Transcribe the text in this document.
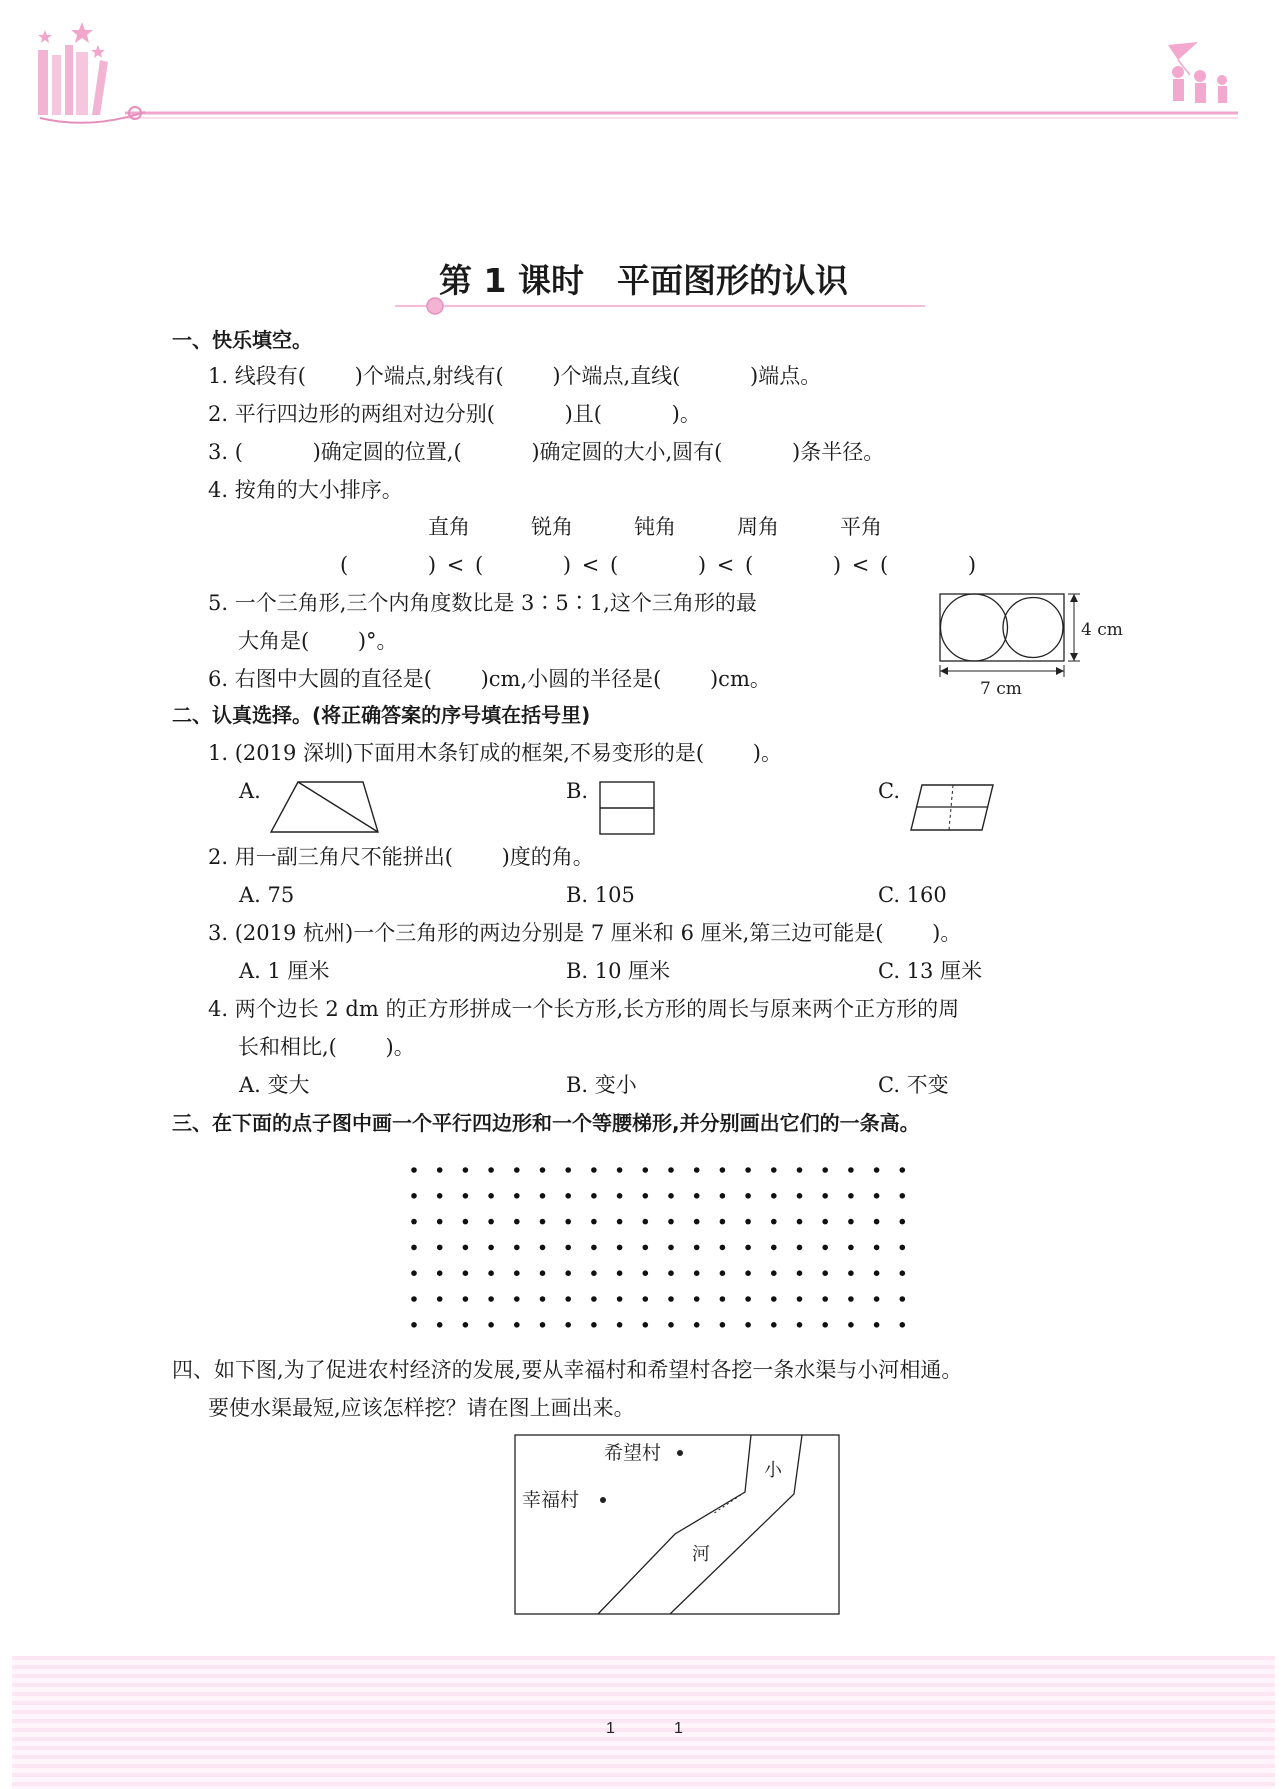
第 1 课时　平面图形的认识
一、快乐填空。
1. 线段有(　　 )个端点,射线有(　　 )个端点,直线(　　　 )端点。
2. 平行四边形的两组对边分别(　　　 )且(　　　 )。
3. (　　　 )确定圆的位置,(　　　 )确定圆的大小,圆有(　　　 )条半径。
4. 按角的大小排序。
直角	锐角	钝角	周角	平角
(　　　 ) < (　　　 ) < (　　　 ) < (　　　 ) < (　　　 )
5. 一个三角形,三个内角度数比是 3∶5∶1,这个三角形的最
大角是(　　 )°。
6. 右图中大圆的直径是(　　 )cm,小圆的半径是(　　 )cm。
4 cm
7 cm
二、认真选择。(将正确答案的序号填在括号里)
1. (2019 深圳)下面用木条钉成的框架,不易变形的是(　　 )。
A.	B.	C.
2. 用一副三角尺不能拼出(　　 )度的角。
A. 75	B. 105	C. 160
3. (2019 杭州)一个三角形的两边分别是 7 厘米和 6 厘米,第三边可能是(　　 )。
A. 1 厘米	B. 10 厘米	C. 13 厘米
4. 两个边长 2 dm 的正方形拼成一个长方形,长方形的周长与原来两个正方形的周
长和相比,(　　 )。
A. 变大	B. 变小	C. 不变
三、在下面的点子图中画一个平行四边形和一个等腰梯形,并分别画出它们的一条高。
四、如下图,为了促进农村经济的发展,要从幸福村和希望村各挖一条水渠与小河相通。
要使水渠最短,应该怎样挖？请在图上画出来。
希望村
幸福村
小
河
1	1
